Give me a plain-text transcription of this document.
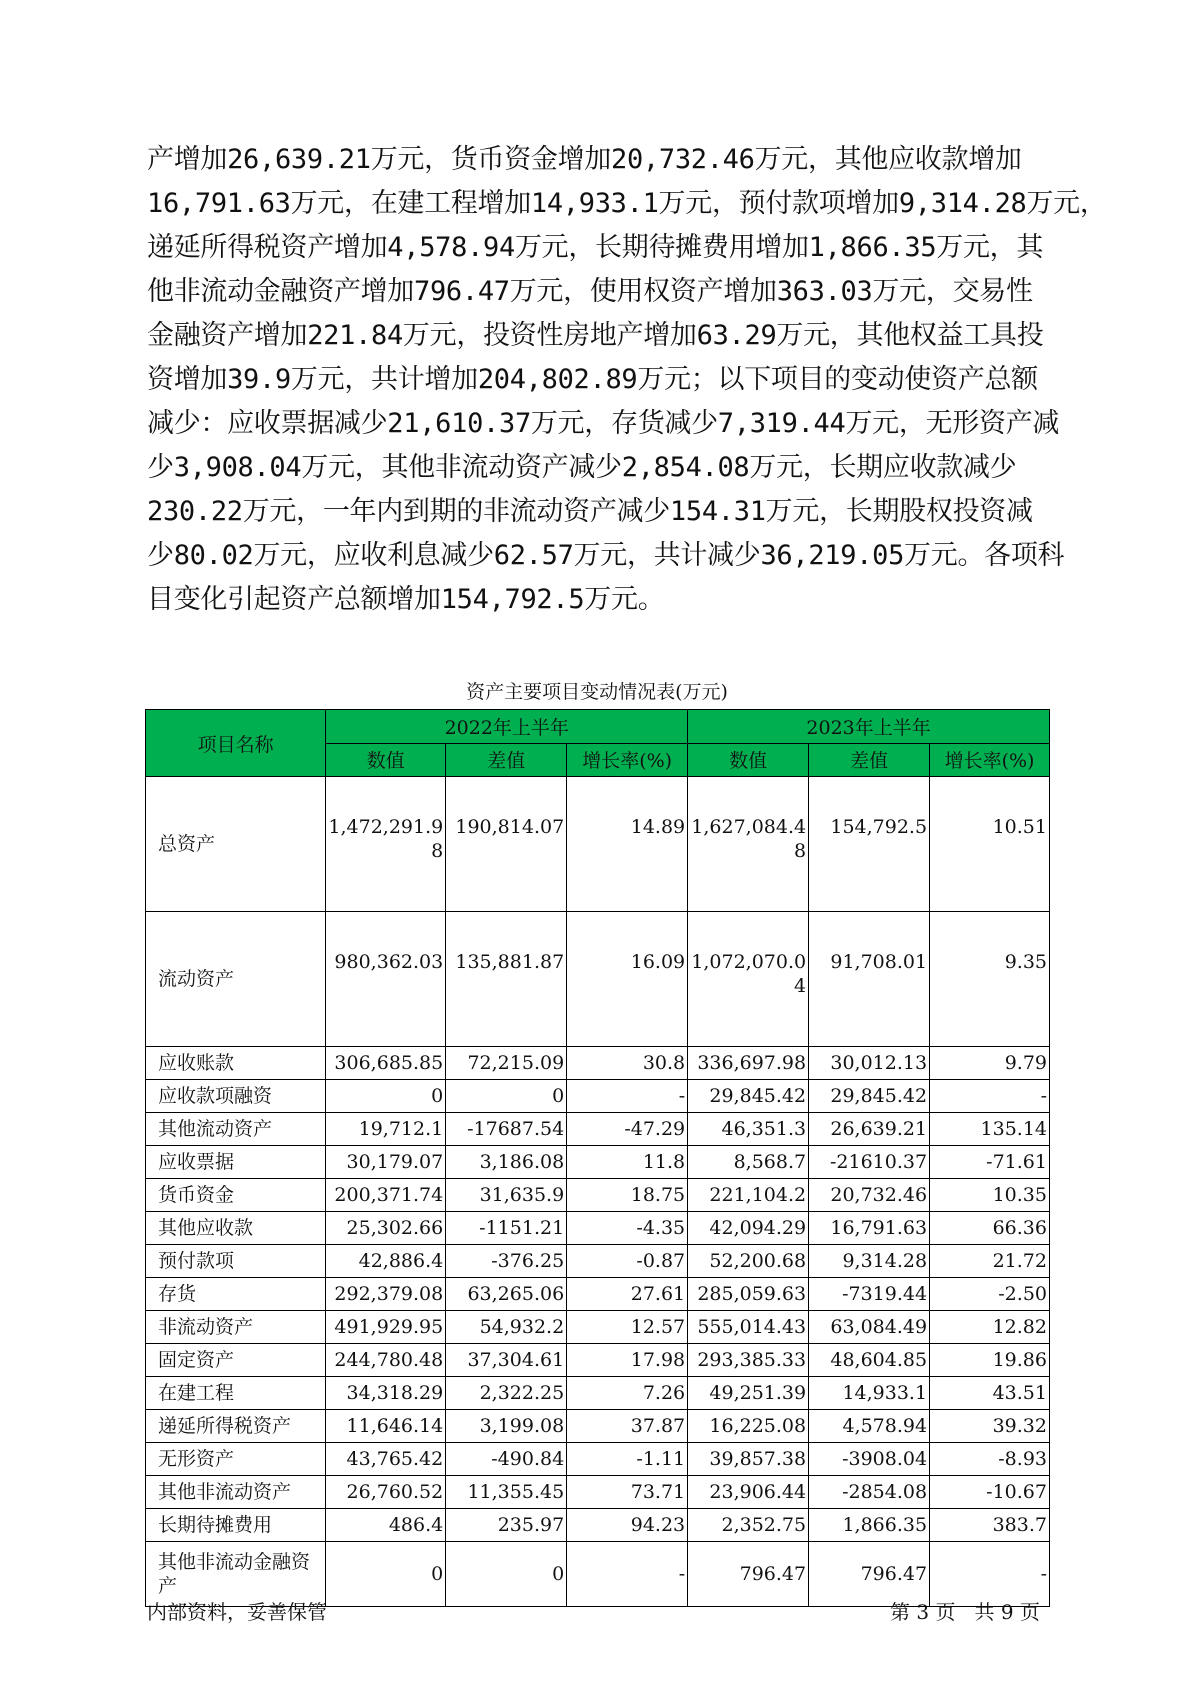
产增加26,639.21万元，货币资金增加20,732.46万元，其他应收款增加
16,791.63万元，在建工程增加14,933.1万元，预付款项增加9,314.28万元，
递延所得税资产增加4,578.94万元，长期待摊费用增加1,866.35万元，其
他非流动金融资产增加796.47万元，使用权资产增加363.03万元，交易性
金融资产增加221.84万元，投资性房地产增加63.29万元，其他权益工具投
资增加39.9万元，共计增加204,802.89万元；以下项目的变动使资产总额
减少：应收票据减少21,610.37万元，存货减少7,319.44万元，无形资产减
少3,908.04万元，其他非流动资产减少2,854.08万元，长期应收款减少
230.22万元，一年内到期的非流动资产减少154.31万元，长期股权投资减
少80.02万元，应收利息减少62.57万元，共计减少36,219.05万元。各项科
目变化引起资产总额增加154,792.5万元。
资产主要项目变动情况表(万元)
项目名称	2022年上半年			2023年上半年		
	数值	差值	增长率(%)	数值	差值	增长率(%)
总资产	1,472,291.98	190,814.07	14.89	1,627,084.48	154,792.5	10.51
流动资产	980,362.03	135,881.87	16.09	1,072,070.04	91,708.01	9.35
应收账款	306,685.85	72,215.09	30.8	336,697.98	30,012.13	9.79
应收款项融资	0	0	-	29,845.42	29,845.42	-
其他流动资产	19,712.1	-17687.54	-47.29	46,351.3	26,639.21	135.14
应收票据	30,179.07	3,186.08	11.8	8,568.7	-21610.37	-71.61
货币资金	200,371.74	31,635.9	18.75	221,104.2	20,732.46	10.35
其他应收款	25,302.66	-1151.21	-4.35	42,094.29	16,791.63	66.36
预付款项	42,886.4	-376.25	-0.87	52,200.68	9,314.28	21.72
存货	292,379.08	63,265.06	27.61	285,059.63	-7319.44	-2.50
非流动资产	491,929.95	54,932.2	12.57	555,014.43	63,084.49	12.82
固定资产	244,780.48	37,304.61	17.98	293,385.33	48,604.85	19.86
在建工程	34,318.29	2,322.25	7.26	49,251.39	14,933.1	43.51
递延所得税资产	11,646.14	3,199.08	37.87	16,225.08	4,578.94	39.32
无形资产	43,765.42	-490.84	-1.11	39,857.38	-3908.04	-8.93
其他非流动资产	26,760.52	11,355.45	73.71	23,906.44	-2854.08	-10.67
长期待摊费用	486.4	235.97	94.23	2,352.75	1,866.35	383.7
其他非流动金融资产	0	0	-	796.47	796.47	-
内部资料，妥善保管	第 3 页   共 9 页
